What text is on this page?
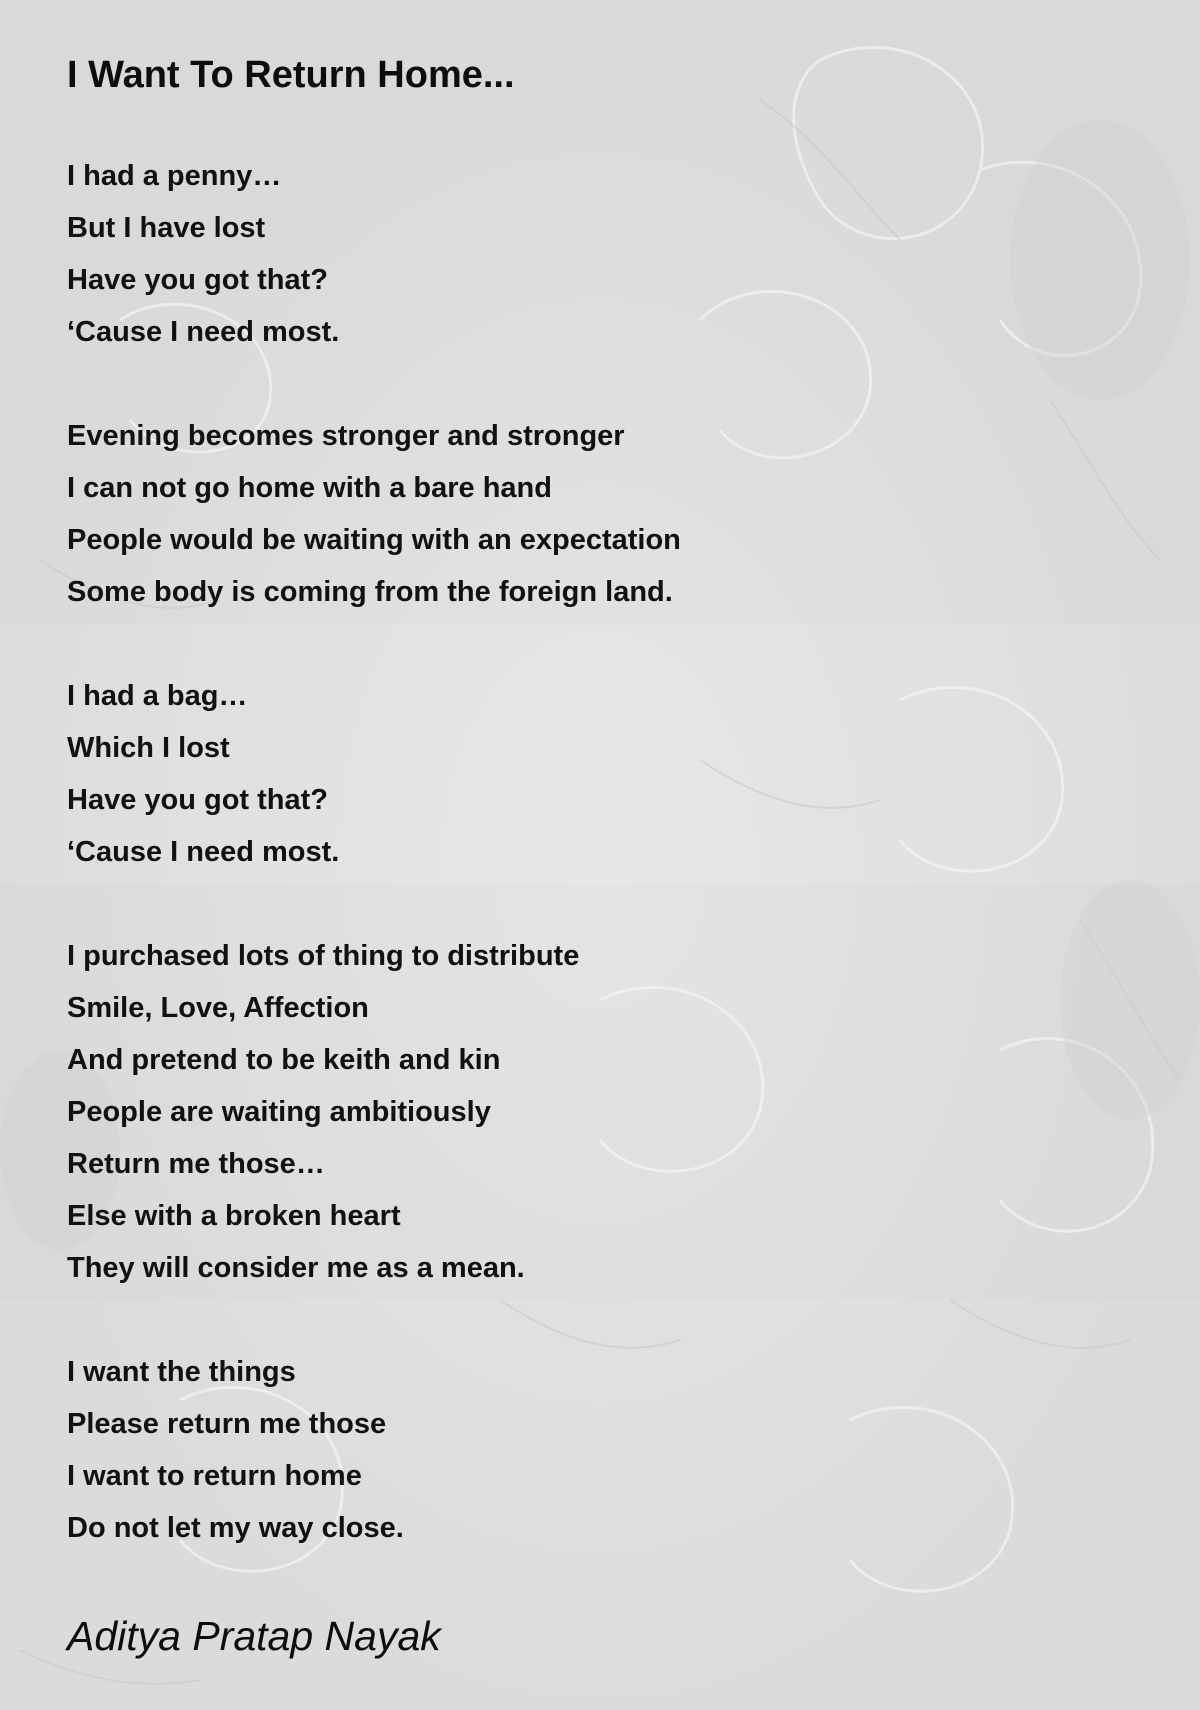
I Want To Return Home...
I had a penny…
But I have lost
Have you got that?
‘Cause I need most.
Evening becomes stronger and stronger
I can not go home with a bare hand
People would be waiting with an expectation
Some body is coming from the foreign land.
I had a bag…
Which I lost
Have you got that?
‘Cause I need most.
I purchased lots of thing to distribute
Smile, Love, Affection
And pretend to be keith and kin
People are waiting ambitiously
Return me those…
Else with a broken heart
They will consider me as a mean.
I want the things
Please return me those
I want to return home
Do not let my way close.

Aditya Pratap Nayak
